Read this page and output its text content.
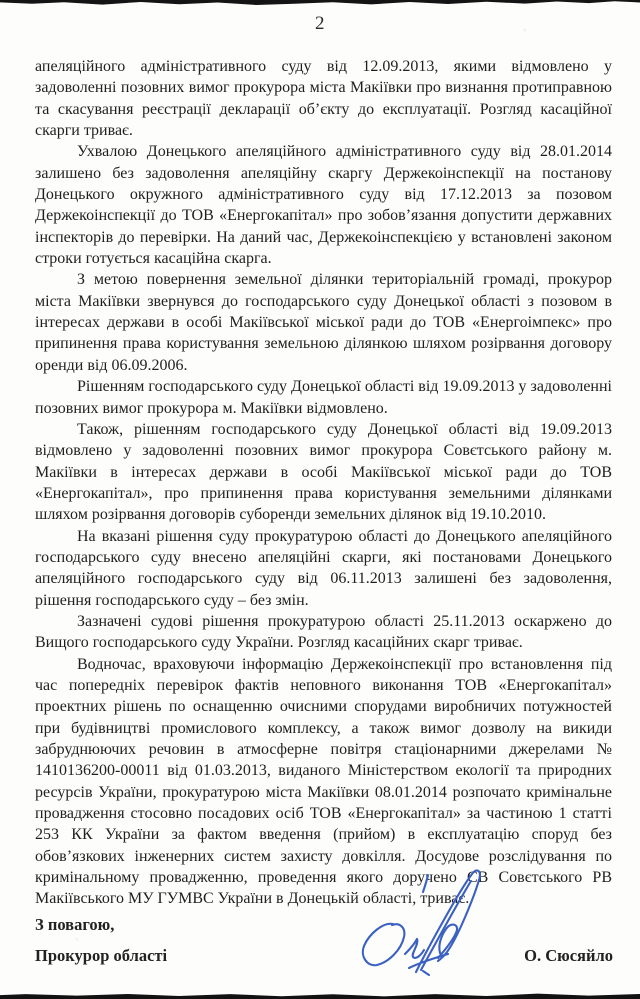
2

апеляційного адміністративного суду від 12.09.2013, якими відмовлено у задоволенні позовних вимог прокурора міста Макіївки про визнання протиправною та скасування реєстрації декларації об’єкту до експлуатації. Розгляд касаційної скарги триває.

Ухвалою Донецького апеляційного адміністративного суду від 28.01.2014 залишено без задоволення апеляційну скаргу Держекоінспекції на постанову Донецького окружного адміністративного суду від 17.12.2013 за позовом Держекоінспекції до ТОВ «Енергокапітал» про зобов’язання допустити державних інспекторів до перевірки. На даний час, Держекоінспекцією у встановлені законом строки готується касаційна скарга.

З метою повернення земельної ділянки територіальній громаді, прокурор міста Макіївки звернувся до господарського суду Донецької області з позовом в інтересах держави в особі Макіївської міської ради до ТОВ «Енергоімпекс» про припинення права користування земельною ділянкою шляхом розірвання договору оренди від 06.09.2006.

Рішенням господарського суду Донецької області від 19.09.2013 у задоволенні позовних вимог прокурора м. Макіївки відмовлено.

Також, рішенням господарського суду Донецької області від 19.09.2013 відмовлено у задоволенні позовних вимог прокурора Совєтського району м. Макіївки в інтересах держави в особі Макіївської міської ради до ТОВ «Енергокапітал», про припинення права користування земельними ділянками шляхом розірвання договорів суборенди земельних ділянок від 19.10.2010.

На вказані рішення суду прокуратурою області до Донецького апеляційного господарського суду внесено апеляційні скарги, які постановами Донецького апеляційного господарського суду від 06.11.2013 залишені без задоволення, рішення господарського суду – без змін.

Зазначені судові рішення прокуратурою області 25.11.2013 оскаржено до Вищого господарського суду України. Розгляд касаційних скарг триває.

Водночас, враховуючи інформацію Держекоінспекції про встановлення під час попередніх перевірок фактів неповного виконання ТОВ «Енергокапітал» проектних рішень по оснащенню очисними спорудами виробничих потужностей при будівництві промислового комплексу, а також вимог дозволу на викиди забруднюючих речовин в атмосферне повітря стаціонарними джерелами № 1410136200-00011 від 01.03.2013, виданого Міністерством екології та природних ресурсів України, прокуратурою міста Макіївки 08.01.2014 розпочато кримінальне провадження стосовно посадових осіб ТОВ «Енергокапітал» за частиною 1 статті 253 КК України за фактом введення (прийом) в експлуатацію споруд без обов’язкових інженерних систем захисту довкілля. Досудове розслідування по кримінальному провадженню, проведення якого доручено СВ Совєтського РВ Макіївського МУ ГУМВС України в Донецькій області, триває.

З повагою,
Прокурор області	О. Сюсяйло
